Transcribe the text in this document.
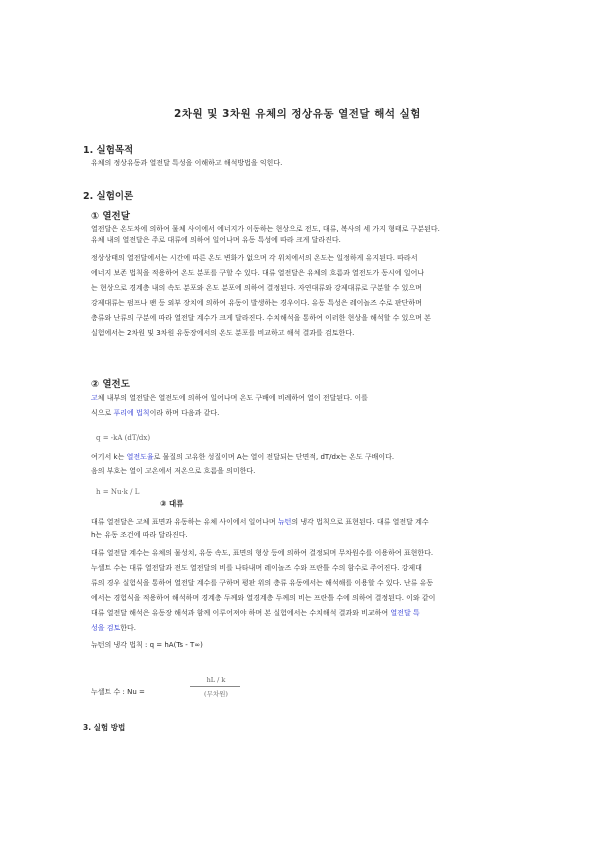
2차원 및 3차원 유체의 정상유동 열전달 해석 실험
1. 실험목적
유체의 정상유동과 열전달 특성을 이해하고 해석방법을 익힌다.
2. 실험이론
① 열전달
열전달은 온도차에 의하여 물체 사이에서 에너지가 이동하는 현상으로 전도, 대류, 복사의 세 가지 형태로 구분된다.
유체 내의 열전달은 주로 대류에 의하여 일어나며 유동 특성에 따라 크게 달라진다.
정상상태의 열전달에서는 시간에 따른 온도 변화가 없으며 각 위치에서의 온도는 일정하게 유지된다. 따라서
에너지 보존 법칙을 적용하여 온도 분포를 구할 수 있다. 대류 열전달은 유체의 흐름과 열전도가 동시에 일어나
는 현상으로 경계층 내의 속도 분포와 온도 분포에 의하여 결정된다. 자연대류와 강제대류로 구분할 수 있으며
강제대류는 펌프나 팬 등 외부 장치에 의하여 유동이 발생하는 경우이다. 유동 특성은 레이놀즈 수로 판단하며
층류와 난류의 구분에 따라 열전달 계수가 크게 달라진다. 수치해석을 통하여 이러한 현상을 해석할 수 있으며 본
실험에서는 2차원 및 3차원 유동장에서의 온도 분포를 비교하고 해석 결과를 검토한다.
② 열전도
고체 내부의 열전달은 열전도에 의하여 일어나며 온도 구배에 비례하여 열이 전달된다. 이를
식으로 푸리에 법칙이라 하며 다음과 같다.
q = -kA (dT/dx)
여기서 k는 열전도율로 물질의 고유한 성질이며 A는 열이 전달되는 단면적, dT/dx는 온도 구배이다.
음의 부호는 열이 고온에서 저온으로 흐름을 의미한다.
h = Nu·k / L
③ 대류
대류 열전달은 고체 표면과 유동하는 유체 사이에서 일어나며 뉴턴의 냉각 법칙으로 표현된다. 대류 열전달 계수
h는 유동 조건에 따라 달라진다.
대류 열전달 계수는 유체의 물성치, 유동 속도, 표면의 형상 등에 의하여 결정되며 무차원수를 이용하여 표현한다.
누셀트 수는 대류 열전달과 전도 열전달의 비를 나타내며 레이놀즈 수와 프란틀 수의 함수로 주어진다. 강제대
류의 경우 실험식을 통하여 열전달 계수를 구하며 평판 위의 층류 유동에서는 해석해를 이용할 수 있다. 난류 유동
에서는 경험식을 적용하여 해석하며 경계층 두께와 열경계층 두께의 비는 프란틀 수에 의하여 결정된다. 이와 같이
대류 열전달 해석은 유동장 해석과 함께 이루어져야 하며 본 실험에서는 수치해석 결과와 비교하여 열전달 특
성을 검토한다.
뉴턴의 냉각 법칙 : q = hA(Ts - T∞)
누셀트 수 : Nu =
hL / k
(무차원)
3. 실험 방법
